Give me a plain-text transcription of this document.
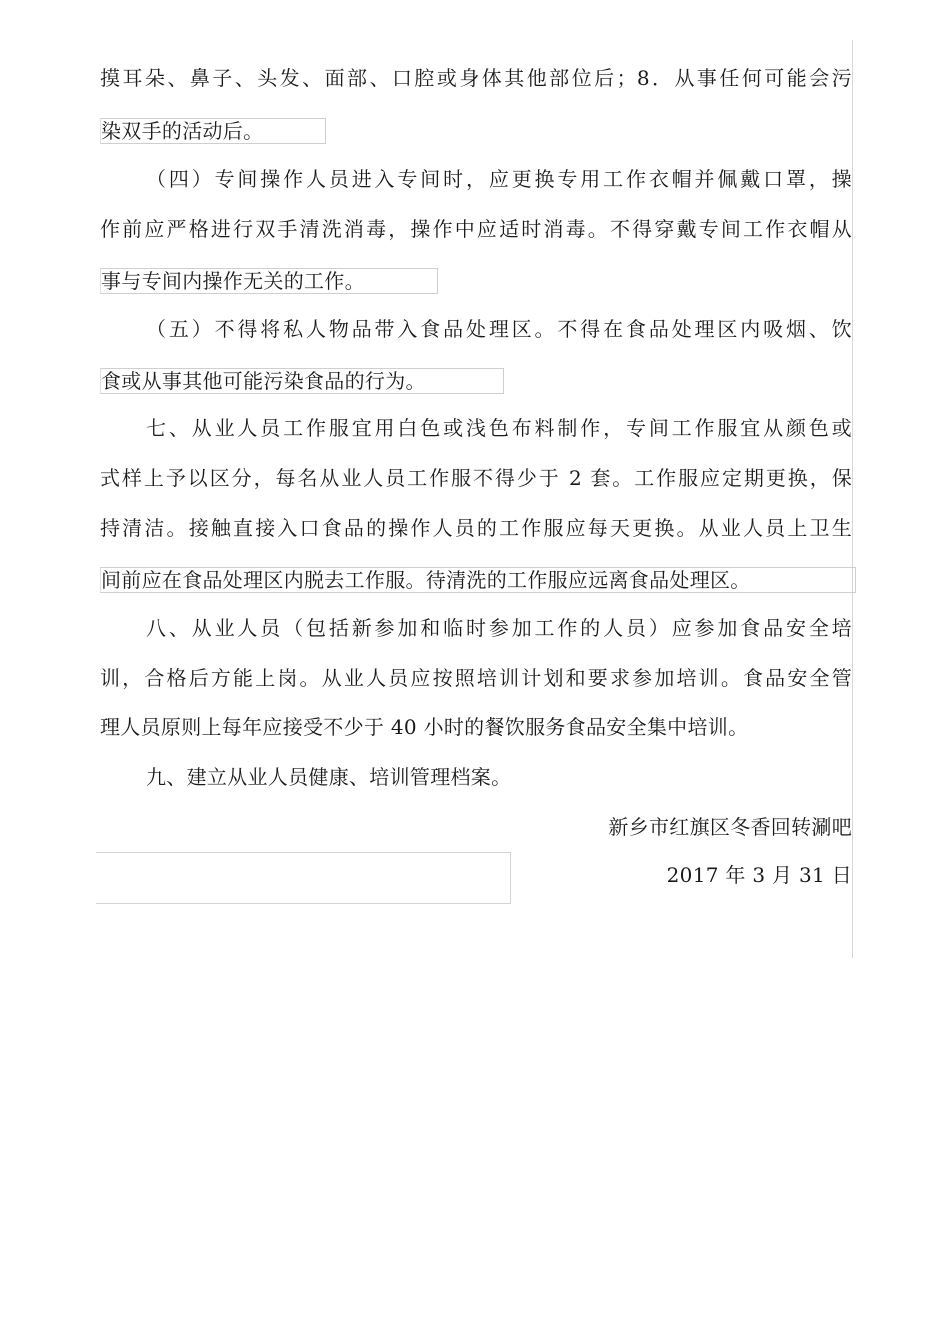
摸耳朵、鼻子、头发、面部、口腔或身体其他部位后；8．从事任何可能会污
染双手的活动后。
（四）专间操作人员进入专间时，应更换专用工作衣帽并佩戴口罩，操
作前应严格进行双手清洗消毒，操作中应适时消毒。不得穿戴专间工作衣帽从
事与专间内操作无关的工作。
（五）不得将私人物品带入食品处理区。不得在食品处理区内吸烟、饮
食或从事其他可能污染食品的行为。
七、从业人员工作服宜用白色或浅色布料制作，专间工作服宜从颜色或
式样上予以区分，每名从业人员工作服不得少于 2 套。工作服应定期更换，保
持清洁。接触直接入口食品的操作人员的工作服应每天更换。从业人员上卫生
间前应在食品处理区内脱去工作服。待清洗的工作服应远离食品处理区。
八、从业人员（包括新参加和临时参加工作的人员）应参加食品安全培
训，合格后方能上岗。从业人员应按照培训计划和要求参加培训。食品安全管
理人员原则上每年应接受不少于 40 小时的餐饮服务食品安全集中培训。
九、建立从业人员健康、培训管理档案。
新乡市红旗区冬香回转涮吧
2017 年 3 月 31 日
